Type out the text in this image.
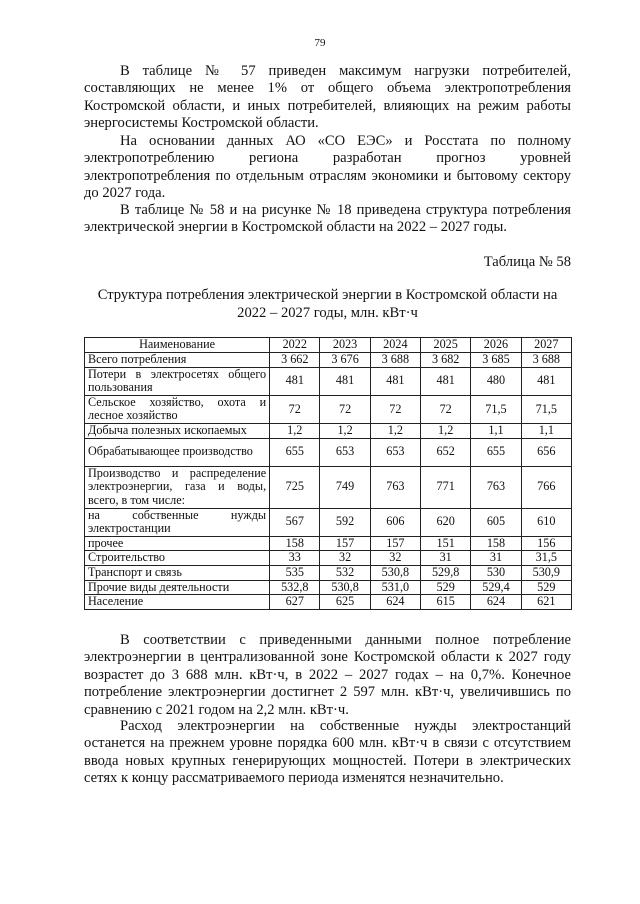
79

В таблице № 57 приведен максимум нагрузки потребителей, составляющих не менее 1% от общего объема электропотребления Костромской области, и иных потребителей, влияющих на режим работы энергосистемы Костромской области.

На основании данных АО «СО ЕЭС» и Росстата по полному электропотреблению региона разработан прогноз уровней электропотребления по отдельным отраслям экономики и бытовому сектору до 2027 года.

В таблице № 58 и на рисунке № 18 приведена структура потребления электрической энергии в Костромской области на 2022 – 2027 годы.

Таблица № 58
Структура потребления электрической энергии в Костромской области на 2022 – 2027 годы, млн. кВт·ч
Наименование	2022	2023	2024	2025	2026	2027
Всего потребления	3 662	3 676	3 688	3 682	3 685	3 688
Потери в электросетях общего пользования	481	481	481	481	480	481
Сельское хозяйство, охота и лесное хозяйство	72	72	72	72	71,5	71,5
Добыча полезных ископаемых	1,2	1,2	1,2	1,2	1,1	1,1
Обрабатывающее производство	655	653	653	652	655	656
Производство и распределение электроэнергии, газа и воды, всего, в том числе:	725	749	763	771	763	766
на собственные нужды электростанции	567	592	606	620	605	610
прочее	158	157	157	151	158	156
Строительство	33	32	32	31	31	31,5
Транспорт и связь	535	532	530,8	529,8	530	530,9
Прочие виды деятельности	532,8	530,8	531,0	529	529,4	529
Население	627	625	624	615	624	621

В соответствии с приведенными данными полное потребление электроэнергии в централизованной зоне Костромской области к 2027 году возрастет до 3 688 млн. кВт·ч, в 2022 – 2027 годах – на 0,7%. Конечное потребление электроэнергии достигнет 2 597 млн. кВт·ч, увеличившись по сравнению с 2021 годом на 2,2 млн. кВт·ч.

Расход электроэнергии на собственные нужды электростанций останется на прежнем уровне порядка 600 млн. кВт·ч в связи с отсутствием ввода новых крупных генерирующих мощностей. Потери в электрических сетях к концу рассматриваемого периода изменятся незначительно.
